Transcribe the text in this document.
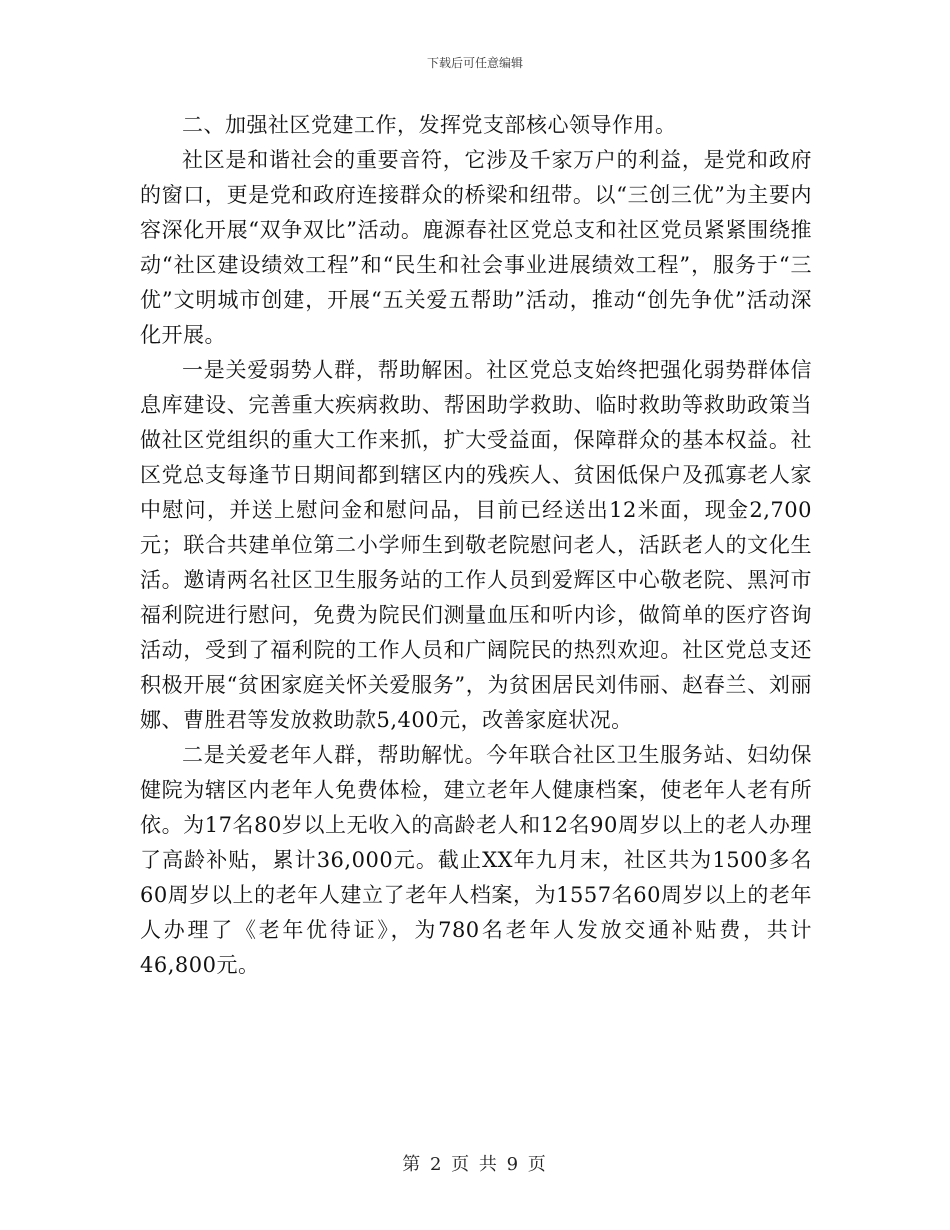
下载后可任意编辑

二、加强社区党建工作，发挥党支部核心领导作用。

社区是和谐社会的重要音符，它涉及千家万户的利益，是党和政府的窗口，更是党和政府连接群众的桥梁和纽带。以“三创三优”为主要内容深化开展“双争双比”活动。鹿源春社区党总支和社区党员紧紧围绕推动“社区建设绩效工程”和“民生和社会事业进展绩效工程”，服务于“三优”文明城市创建，开展“五关爱五帮助”活动，推动“创先争优”活动深化开展。

一是关爱弱势人群，帮助解困。社区党总支始终把强化弱势群体信息库建设、完善重大疾病救助、帮困助学救助、临时救助等救助政策当做社区党组织的重大工作来抓，扩大受益面，保障群众的基本权益。社区党总支每逢节日期间都到辖区内的残疾人、贫困低保户及孤寡老人家中慰问，并送上慰问金和慰问品，目前已经送出12米面，现金2,700元；联合共建单位第二小学师生到敬老院慰问老人，活跃老人的文化生活。邀请两名社区卫生服务站的工作人员到爱辉区中心敬老院、黑河市福利院进行慰问，免费为院民们测量血压和听内诊，做简单的医疗咨询活动，受到了福利院的工作人员和广阔院民的热烈欢迎。社区党总支还积极开展“贫困家庭关怀关爱服务”，为贫困居民刘伟丽、赵春兰、刘丽娜、曹胜君等发放救助款5,400元，改善家庭状况。

二是关爱老年人群，帮助解忧。今年联合社区卫生服务站、妇幼保健院为辖区内老年人免费体检，建立老年人健康档案，使老年人老有所依。为17名80岁以上无收入的高龄老人和12名90周岁以上的老人办理了高龄补贴，累计36,000元。截止XX年九月末，社区共为1500多名60周岁以上的老年人建立了老年人档案，为1557名60周岁以上的老年人办理了《老年优待证》，为780名老年人发放交通补贴费，共计46,800元。

第 2 页 共 9 页
